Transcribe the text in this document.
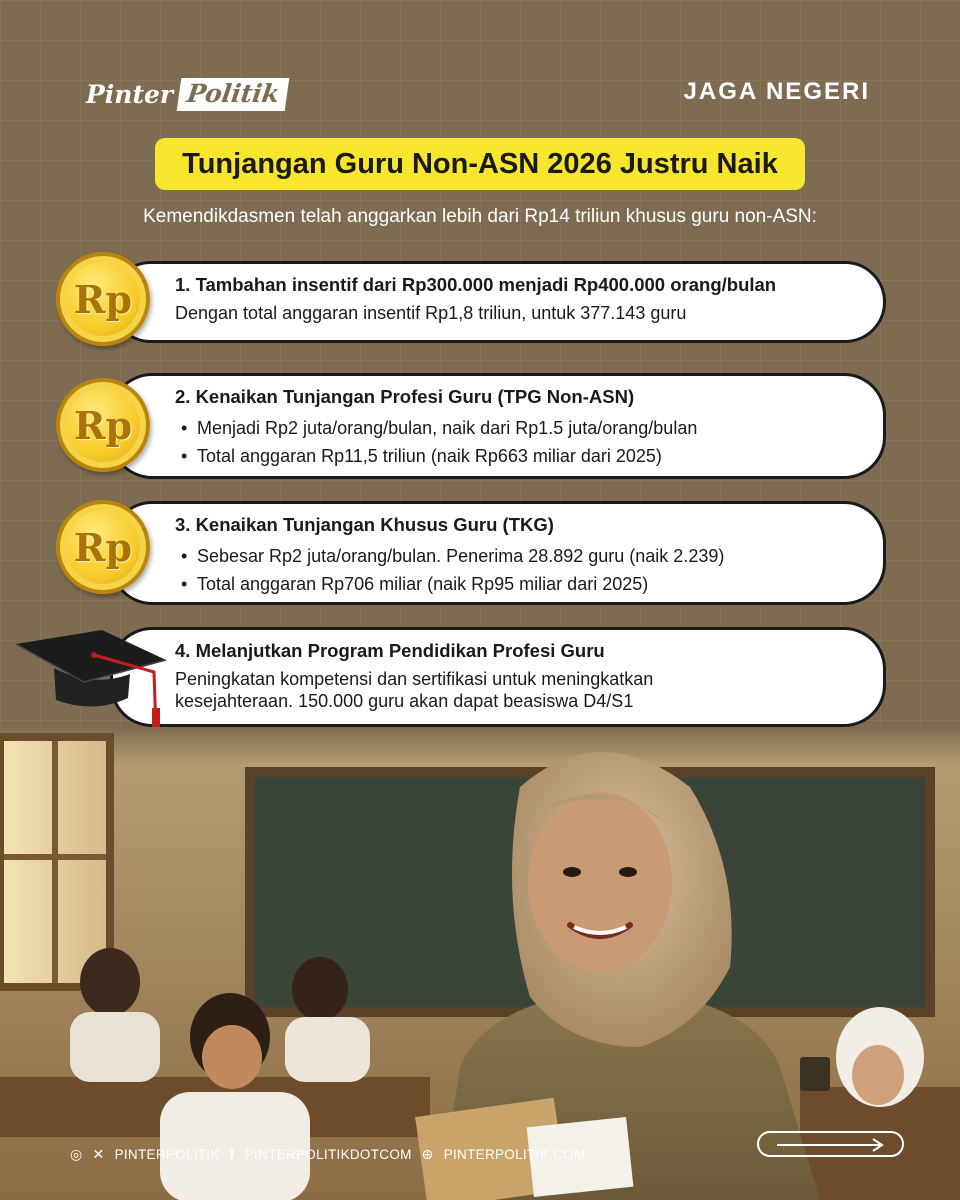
Pinter Politik	JAGA NEGERI
Tunjangan Guru Non-ASN 2026 Justru Naik
Kemendikdasmen telah anggarkan lebih dari Rp14 triliun khusus guru non-ASN:
1. Tambahan insentif dari Rp300.000 menjadi Rp400.000 orang/bulan
Dengan total anggaran insentif Rp1,8 triliun, untuk 377.143 guru
2. Kenaikan Tunjangan Profesi Guru (TPG Non-ASN)
• Menjadi Rp2 juta/orang/bulan, naik dari Rp1.5 juta/orang/bulan
• Total anggaran Rp11,5 triliun (naik Rp663 miliar dari 2025)
3. Kenaikan Tunjangan Khusus Guru (TKG)
• Sebesar Rp2 juta/orang/bulan. Penerima 28.892 guru (naik 2.239)
• Total anggaran Rp706 miliar (naik Rp95 miliar dari 2025)
4. Melanjutkan Program Pendidikan Profesi Guru
Peningkatan kompetensi dan sertifikasi untuk meningkatkan
kesejahteraan. 150.000 guru akan dapat beasiswa D4/S1
Rp
Rp
Rp
◎ ✕ PINTERPOLITIK f PINTERPOLITIKDOTCOM ⊕ PINTERPOLITIK.COM
